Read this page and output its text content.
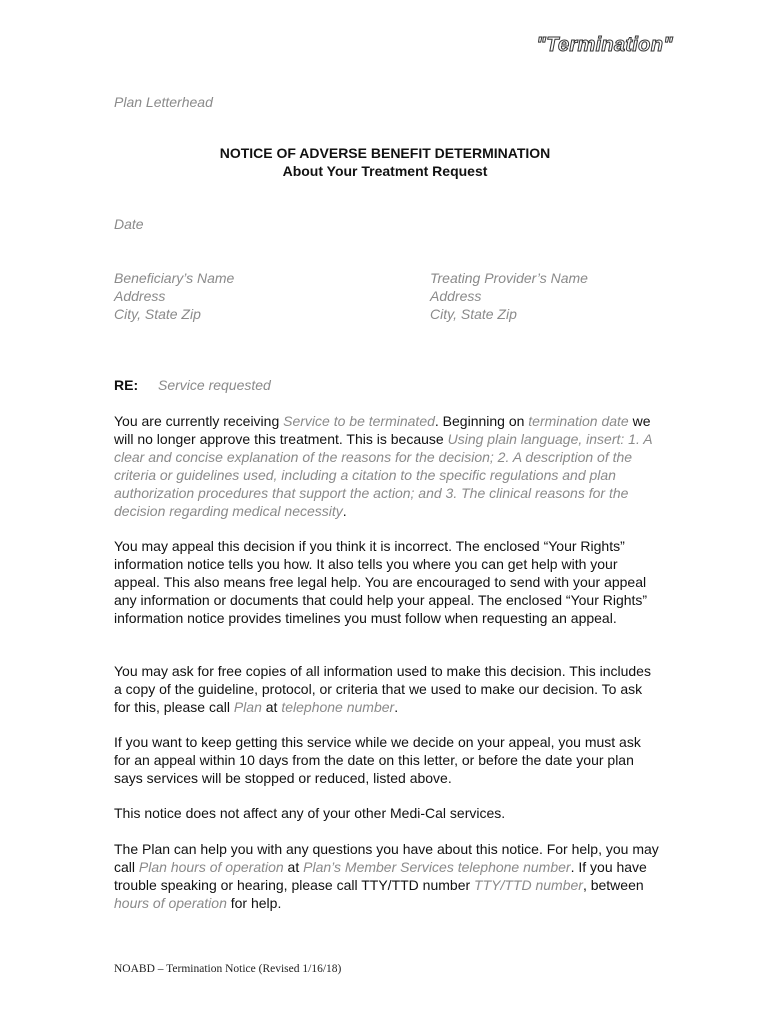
"Termination"
Plan Letterhead
NOTICE OF ADVERSE BENEFIT DETERMINATION
About Your Treatment Request
Date
Beneficiary’s Name
Address
City, State Zip
Treating Provider’s Name
Address
City, State Zip
RE: Service requested
You are currently receiving Service to be terminated. Beginning on termination date we will no longer approve this treatment. This is because Using plain language, insert: 1. A clear and concise explanation of the reasons for the decision; 2. A description of the criteria or guidelines used, including a citation to the specific regulations and plan authorization procedures that support the action; and 3. The clinical reasons for the decision regarding medical necessity.
You may appeal this decision if you think it is incorrect. The enclosed “Your Rights” information notice tells you how. It also tells you where you can get help with your appeal. This also means free legal help. You are encouraged to send with your appeal any information or documents that could help your appeal. The enclosed “Your Rights” information notice provides timelines you must follow when requesting an appeal.
You may ask for free copies of all information used to make this decision. This includes a copy of the guideline, protocol, or criteria that we used to make our decision. To ask for this, please call Plan at telephone number.
If you want to keep getting this service while we decide on your appeal, you must ask for an appeal within 10 days from the date on this letter, or before the date your plan says services will be stopped or reduced, listed above.
This notice does not affect any of your other Medi-Cal services.
The Plan can help you with any questions you have about this notice. For help, you may call Plan hours of operation at Plan’s Member Services telephone number. If you have trouble speaking or hearing, please call TTY/TTD number TTY/TTD number, between hours of operation for help.
NOABD – Termination Notice (Revised 1/16/18)
